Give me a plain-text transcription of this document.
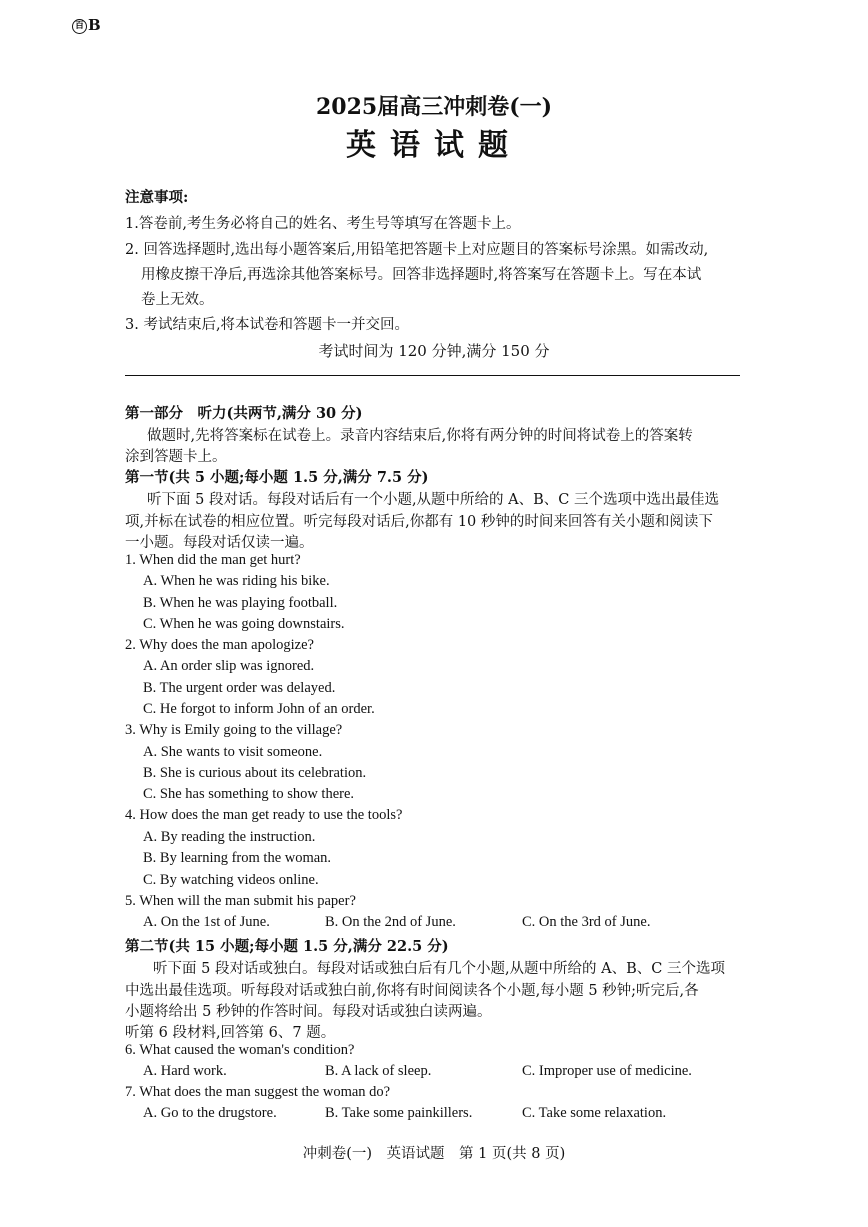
百 B
2025届高三冲刺卷(一)
英语试题
注意事项:
1.答卷前,考生务必将自己的姓名、考生号等填写在答题卡上。
2. 回答选择题时,选出每小题答案后,用铅笔把答题卡上对应题目的答案标号涂黑。如需改动,
用橡皮擦干净后,再选涂其他答案标号。回答非选择题时,将答案写在答题卡上。写在本试
卷上无效。
3. 考试结束后,将本试卷和答题卡一并交回。
考试时间为 120 分钟,满分 150 分
第一部分　听力(共两节,满分 30 分)
做题时,先将答案标在试卷上。录音内容结束后,你将有两分钟的时间将试卷上的答案转
涂到答题卡上。
第一节(共 5 小题;每小题 1.5 分,满分 7.5 分)
听下面 5 段对话。每段对话后有一个小题,从题中所给的 A、B、C 三个选项中选出最佳选
项,并标在试卷的相应位置。听完每段对话后,你都有 10 秒钟的时间来回答有关小题和阅读下
一小题。每段对话仅读一遍。
1. When did the man get hurt?
A. When he was riding his bike.
B. When he was playing football.
C. When he was going downstairs.
2. Why does the man apologize?
A. An order slip was ignored.
B. The urgent order was delayed.
C. He forgot to inform John of an order.
3. Why is Emily going to the village?
A. She wants to visit someone.
B. She is curious about its celebration.
C. She has something to show there.
4. How does the man get ready to use the tools?
A. By reading the instruction.
B. By learning from the woman.
C. By watching videos online.
5. When will the man submit his paper?
A. On the 1st of June.	B. On the 2nd of June.	C. On the 3rd of June.
第二节(共 15 小题;每小题 1.5 分,满分 22.5 分)
听下面 5 段对话或独白。每段对话或独白后有几个小题,从题中所给的 A、B、C 三个选项
中选出最佳选项。听每段对话或独白前,你将有时间阅读各个小题,每小题 5 秒钟;听完后,各
小题将给出 5 秒钟的作答时间。每段对话或独白读两遍。
听第 6 段材料,回答第 6、7 题。
6. What caused the woman's condition?
A. Hard work.	B. A lack of sleep.	C. Improper use of medicine.
7. What does the man suggest the woman do?
A. Go to the drugstore.	B. Take some painkillers.	C. Take some relaxation.
冲刺卷(一)　英语试题　第 1 页(共 8 页)
